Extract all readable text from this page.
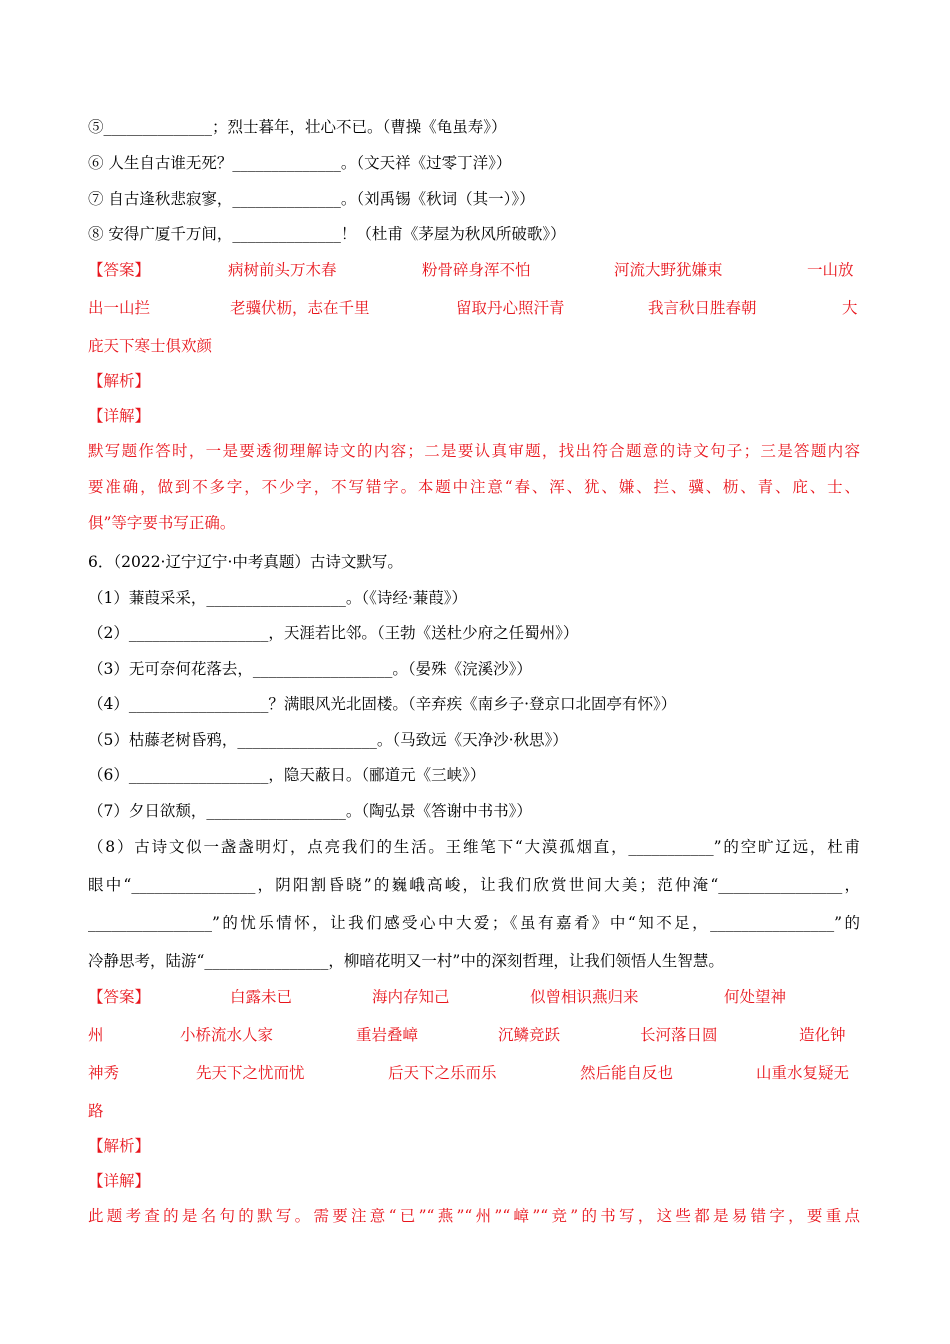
⑤______________；烈士暮年，壮心不已。（曹操《龟虽寿》）
⑥ 人生自古谁无死？______________。（文天祥《过零丁洋》）
⑦ 自古逢秋悲寂寥，______________。（刘禹锡《秋词（其一）》）
⑧ 安得广厦千万间，______________！（杜甫《茅屋为秋风所破歌》）
【答案】	病树前头万木春	粉骨碎身浑不怕	河流大野犹嫌束	一山放
出一山拦	老骥伏枥，志在千里	留取丹心照汗青	我言秋日胜春朝	大
庇天下寒士俱欢颜
【解析】
【详解】
默写题作答时，一是要透彻理解诗文的内容；二是要认真审题，找出符合题意的诗文句子；三是答题内容
要准确，做到不多字，不少字，不写错字。本题中注意“春、浑、犹、嫌、拦、骥、枥、青、庇、士、
俱”等字要书写正确。
6．（2022·辽宁辽宁·中考真题）古诗文默写。
（1）蒹葭采采，__________________。（《诗经·蒹葭》）
（2）__________________，天涯若比邻。（王勃《送杜少府之任蜀州》）
（3）无可奈何花落去，__________________。（晏殊《浣溪沙》）
（4）__________________？满眼风光北固楼。（辛弃疾《南乡子·登京口北固亭有怀》）
（5）枯藤老树昏鸦，__________________。（马致远《天净沙·秋思》）
（6）__________________，隐天蔽日。（郦道元《三峡》）
（7）夕日欲颓，__________________。（陶弘景《答谢中书书》）
（8）古诗文似一盏盏明灯，点亮我们的生活。王维笔下“大漠孤烟直，___________”的空旷辽远，杜甫
眼中“________________，阴阳割昏晓”的巍峨高峻，让我们欣赏世间大美；范仲淹“________________，
________________”的忧乐情怀，让我们感受心中大爱；《虽有嘉肴》中“知不足，________________”的
冷静思考，陆游“________________，柳暗花明又一村”中的深刻哲理，让我们领悟人生智慧。
【答案】	白露未已	海内存知己	似曾相识燕归来	何处望神
州	小桥流水人家	重岩叠嶂	沉鳞竞跃	长河落日圆	造化钟
神秀	先天下之忧而忧	后天下之乐而乐	然后能自反也	山重水复疑无
路
【解析】
【详解】
此题考查的是名句的默写。需要注意“已”“燕”“州”“嶂”“竞”的书写，这些都是易错字，要重点
